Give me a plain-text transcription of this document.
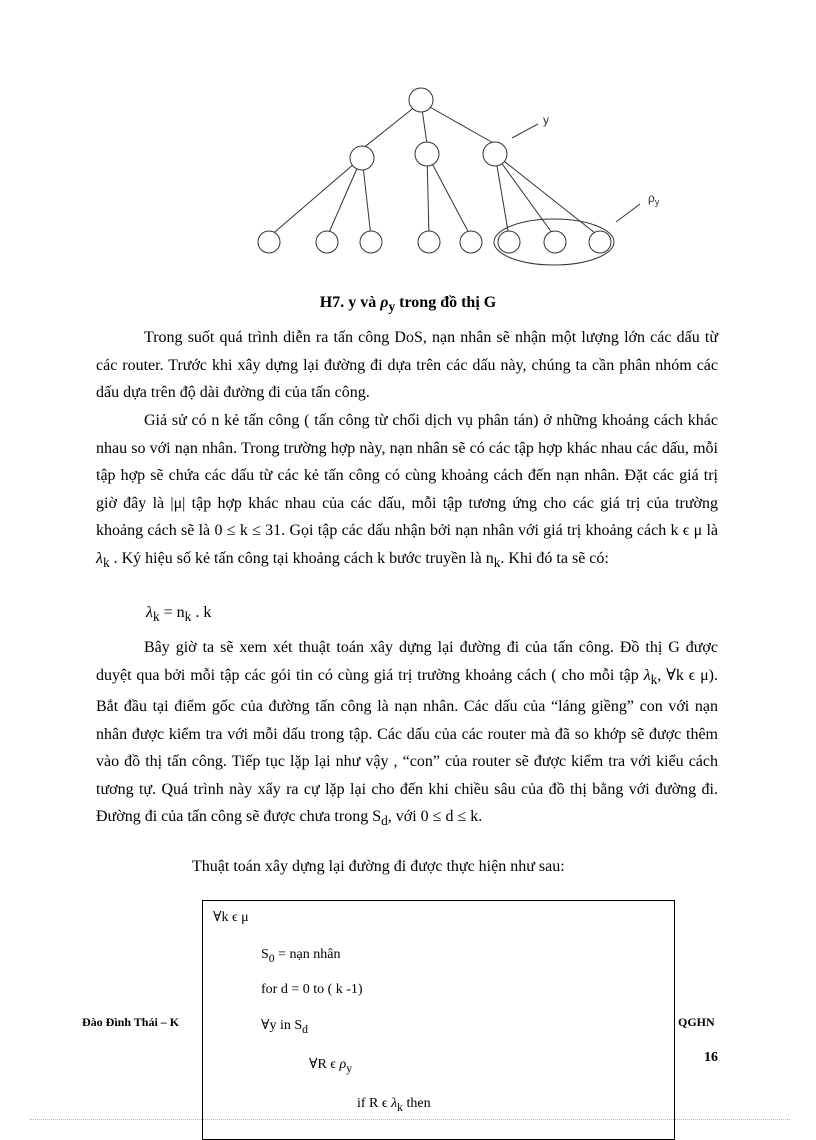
y
$\rho_y$
H7. y và $\rho_y$ trong đồ thị G
Trong suốt quá trình diễn ra tấn công DoS, nạn nhân sẽ nhận một lượng lớn các dấu từ các router. Trước khi xây dựng lại đường đi dựa trên các dấu này, chúng ta cần phân nhóm các dấu dựa trên độ dài đường đi của tấn công.
Giả sử có n kẻ tấn công ( tấn công từ chối dịch vụ phân tán) ở những khoảng cách khác nhau so với nạn nhân. Trong trường hợp này, nạn nhân sẽ có các tập hợp khác nhau các dấu, mỗi tập hợp sẽ chứa các dấu từ các kẻ tấn công có cùng khoảng cách đến nạn nhân. Đặt các giá trị giờ đây là |μ| tập hợp khác nhau của các dấu, mỗi tập tương ứng cho các giá trị của trường khoảng cách sẽ là 0 ≤ k ≤ 31. Gọi tập các dấu nhận bởi nạn nhân với giá trị khoảng cách k ϵ μ là $\lambda_k$ . Ký hiệu số kẻ tấn công tại khoảng cách k bước truyền là $n_k$. Khi đó ta sẽ có:
$\lambda_k = n_k$ . k
Bây giờ ta sẽ xem xét thuật toán xây dựng lại đường đi của tấn công. Đồ thị G được duyệt qua bởi mỗi tập các gói tin có cùng giá trị trường khoảng cách ( cho mỗi tập $\lambda_k$, ∀k ϵ μ). Bắt đầu tại điểm gốc của đường tấn công là nạn nhân. Các dấu của “láng giềng” con với nạn nhân được kiểm tra với mỗi dấu trong tập. Các dấu của các router mà đã so khớp sẽ được thêm vào đồ thị tấn công. Tiếp tục lặp lại như vậy , “con” của router sẽ được kiểm tra với kiểu cách tương tự. Quá trình này xẩy ra cự lặp lại cho đến khi chiều sâu của đồ thị bằng với đường đi. Đường đi của tấn công sẽ được chưa trong $S_d$, với 0 ≤ d ≤ k.
Thuật toán xây dựng lại đường đi được thực hiện như sau:
Đào Đình Thái – K	QGHN
16
∀k ϵ μ
$S_0$ = nạn nhân
for d = 0 to ( k -1)
∀y in $S_d$
∀R ϵ $\rho_y$
if R ϵ $\lambda_k$ then
